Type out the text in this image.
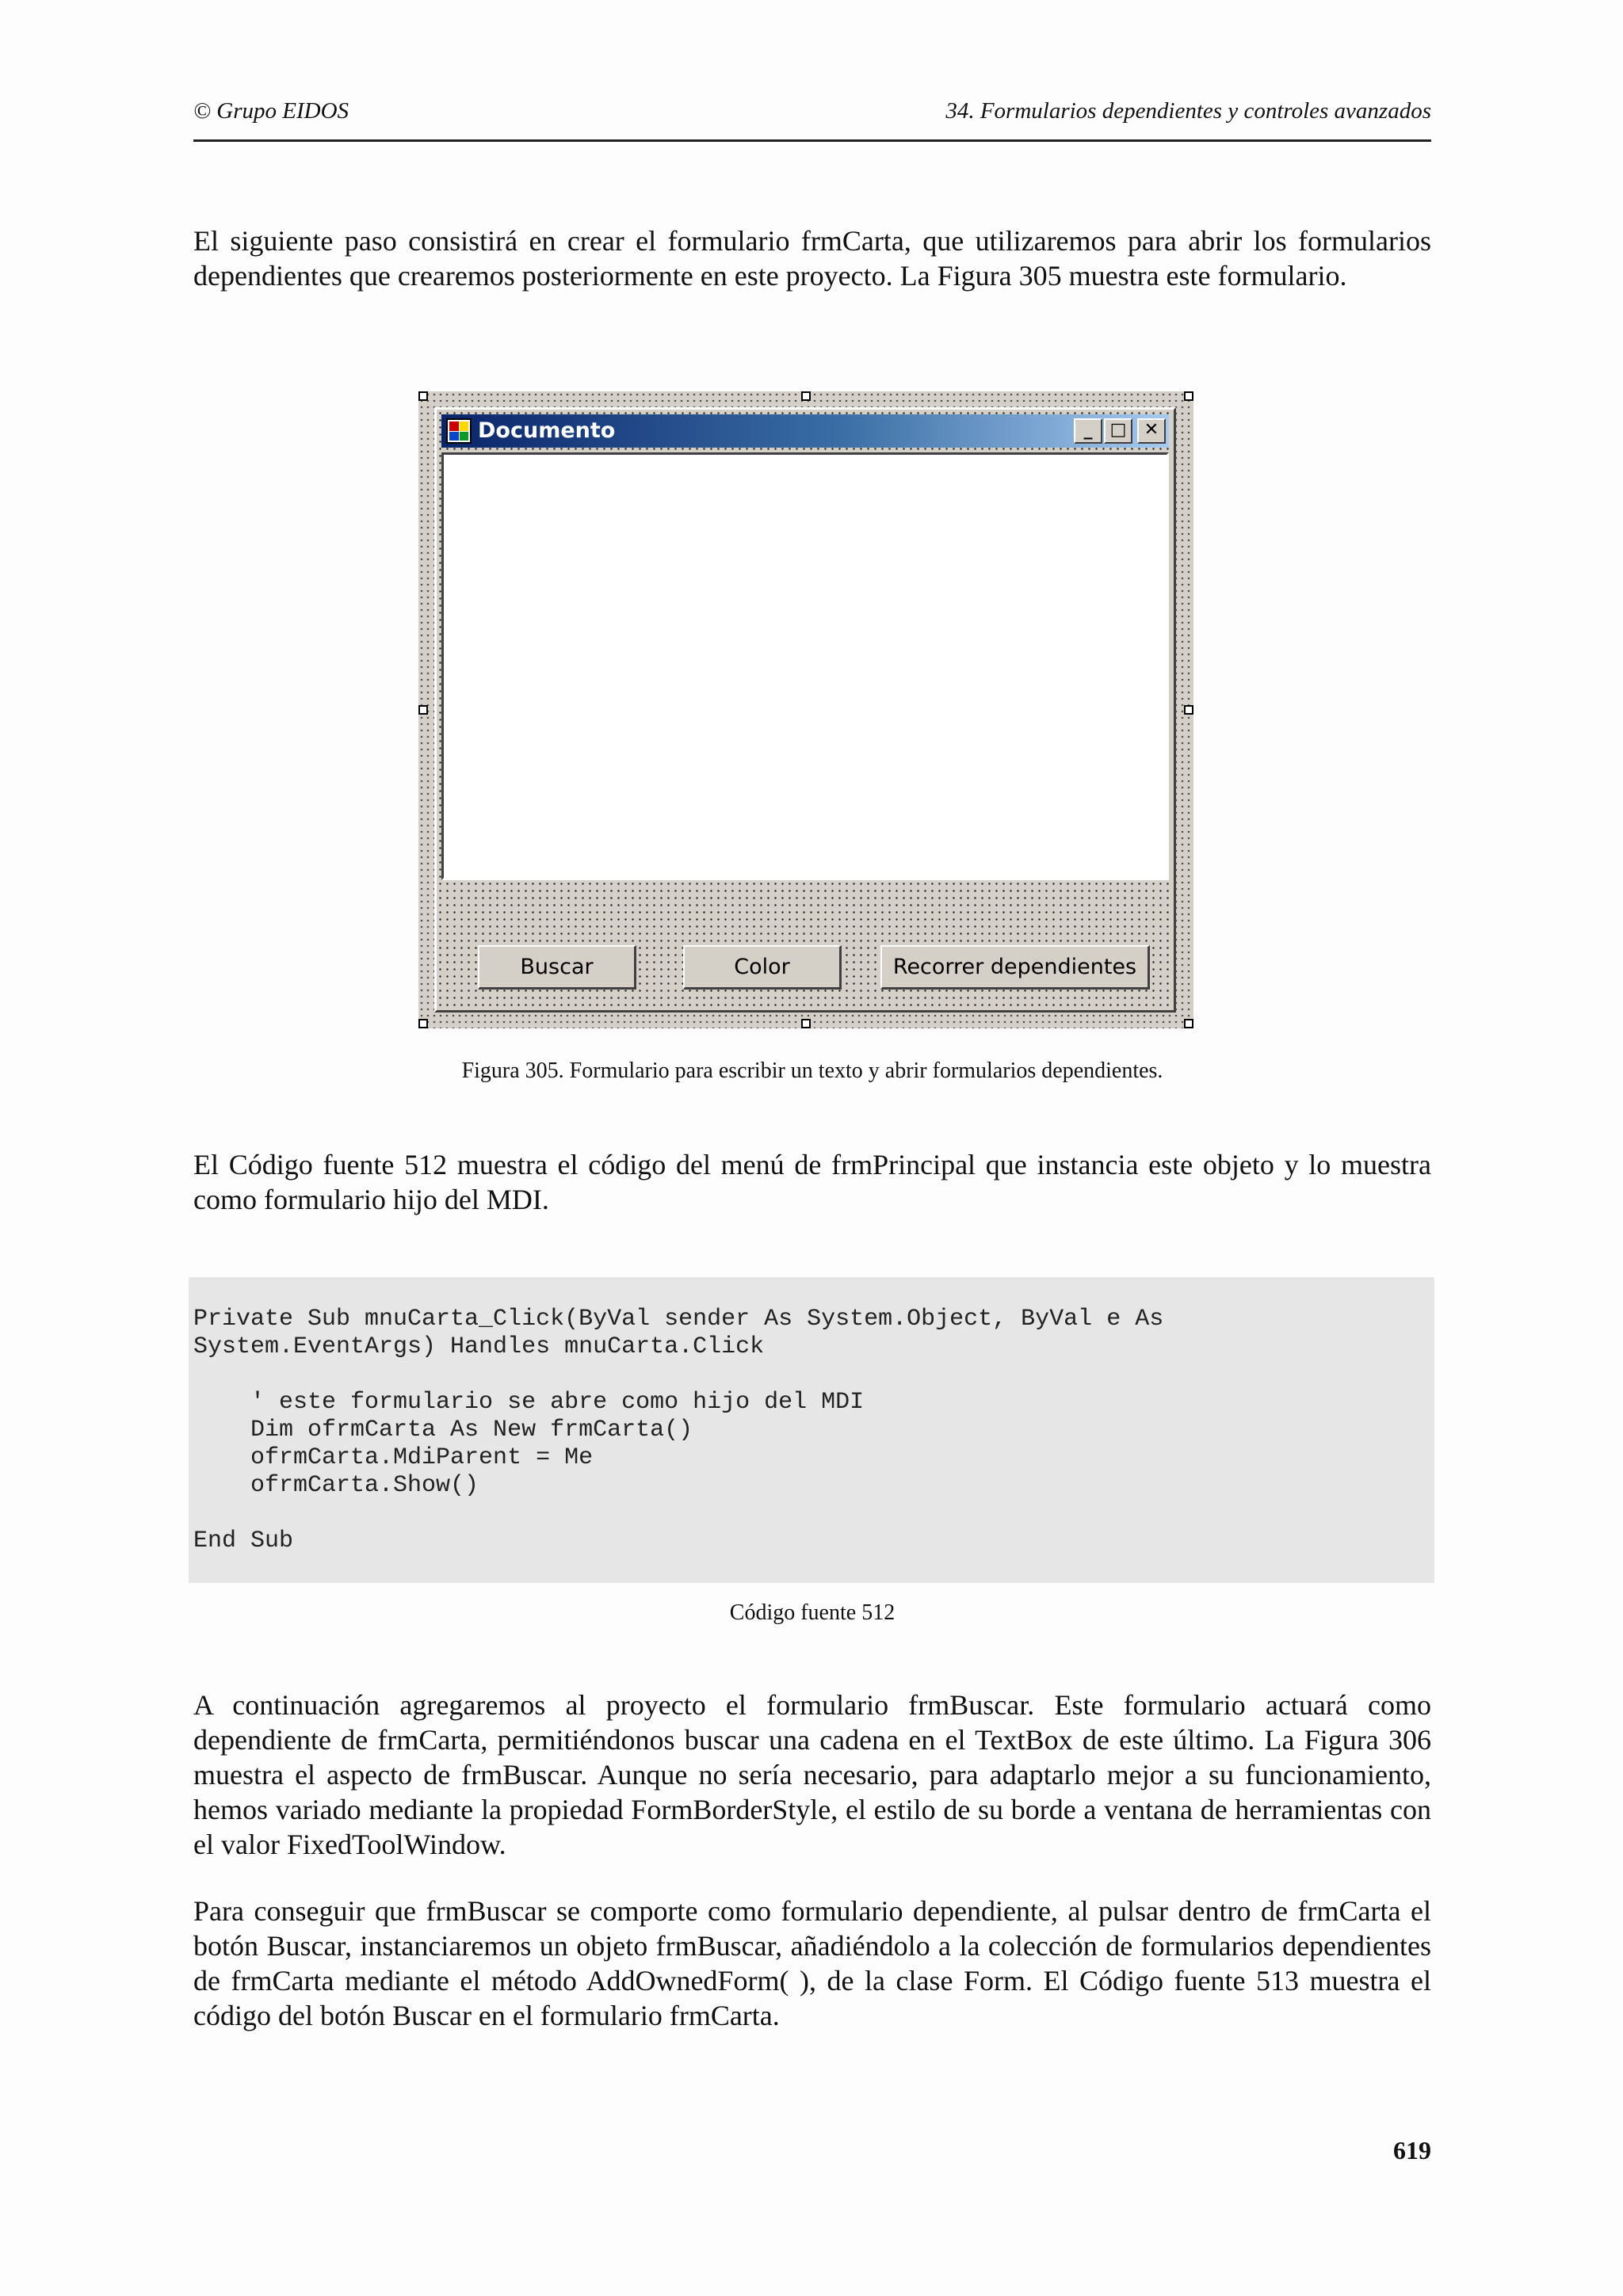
© Grupo EIDOS	34. Formularios dependientes y controles avanzados
El siguiente paso consistirá en crear el formulario frmCarta, que utilizaremos para abrir los formularios dependientes que crearemos posteriormente en este proyecto. La Figura 305 muestra este formulario.
Documento	_	□	✕
Buscar	Color	Recorrer dependientes
Figura 305. Formulario para escribir un texto y abrir formularios dependientes.
El Código fuente 512 muestra el código del menú de frmPrincipal que instancia este objeto y lo muestra como formulario hijo del MDI.
Private Sub mnuCarta_Click(ByVal sender As System.Object, ByVal e As
System.EventArgs) Handles mnuCarta.Click

' este formulario se abre como hijo del MDI
Dim ofrmCarta As New frmCarta()
ofrmCarta.MdiParent = Me
ofrmCarta.Show()

End Sub
Código fuente 512
A continuación agregaremos al proyecto el formulario frmBuscar. Este formulario actuará como dependiente de frmCarta, permitiéndonos buscar una cadena en el TextBox de este último. La Figura 306 muestra el aspecto de frmBuscar. Aunque no sería necesario, para adaptarlo mejor a su funcionamiento, hemos variado mediante la propiedad FormBorderStyle, el estilo de su borde a ventana de herramientas con el valor FixedToolWindow.
Para conseguir que frmBuscar se comporte como formulario dependiente, al pulsar dentro de frmCarta el botón Buscar, instanciaremos un objeto frmBuscar, añadiéndolo a la colección de formularios dependientes de frmCarta mediante el método AddOwnedForm( ), de la clase Form. El Código fuente 513 muestra el código del botón Buscar en el formulario frmCarta.
619
